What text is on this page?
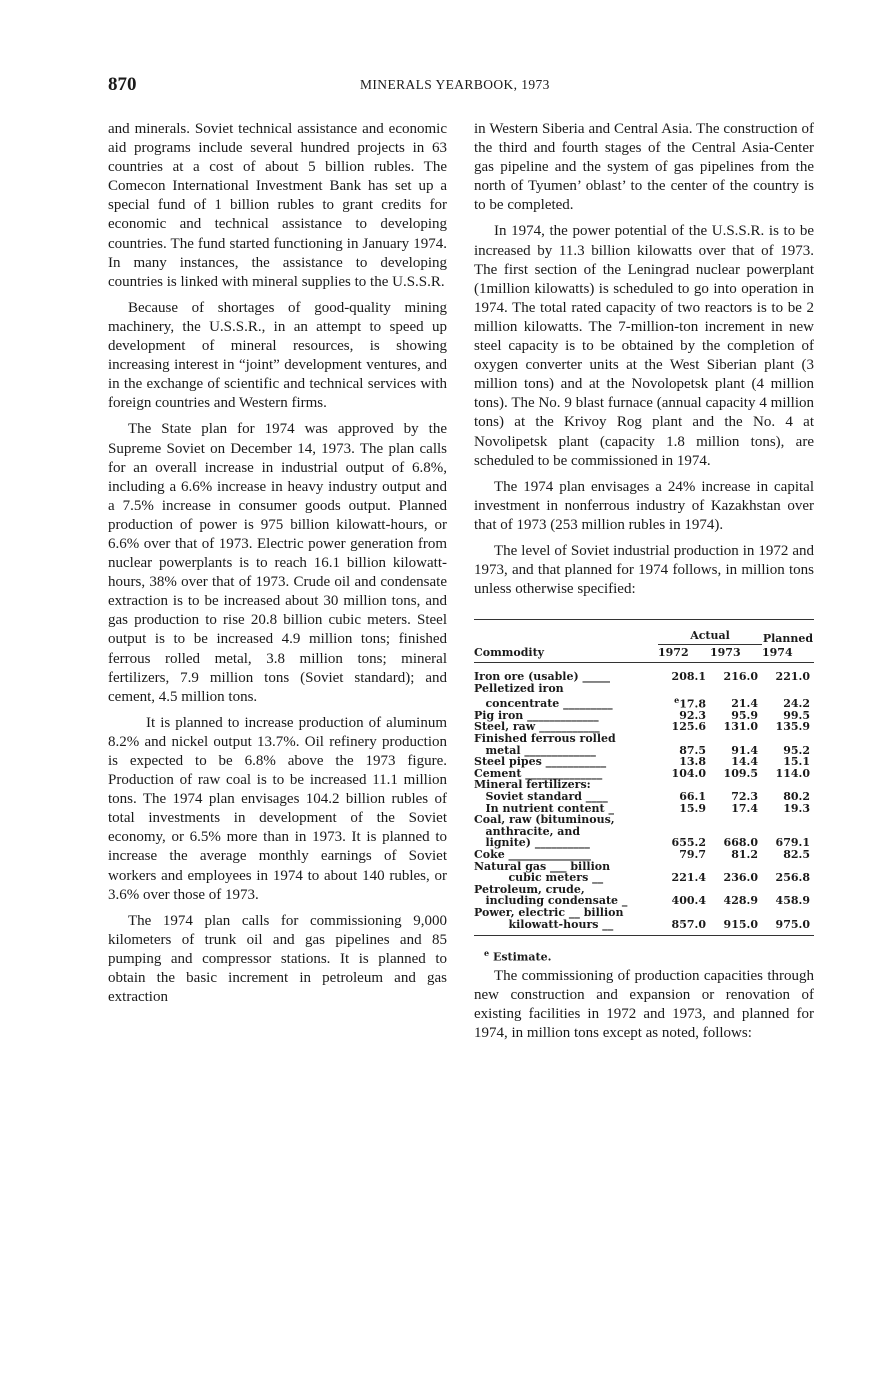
870	MINERALS YEARBOOK, 1973

and minerals. Soviet technical assistance and economic aid programs include several hundred projects in 63 countries at a cost of about 5 billion rubles. The Comecon International Investment Bank has set up a special fund of 1 billion rubles to grant credits for economic and technical assistance to developing countries. The fund started functioning in January 1974. In many instances, the assistance to developing countries is linked with mineral supplies to the U.S.S.R.

Because of shortages of good-quality mining machinery, the U.S.S.R., in an attempt to speed up development of mineral resources, is showing increasing interest in “joint” development ventures, and in the exchange of scientific and technical services with foreign countries and Western firms.

The State plan for 1974 was approved by the Supreme Soviet on December 14, 1973. The plan calls for an overall increase in industrial output of 6.8%, including a 6.6% increase in heavy industry output and a 7.5% increase in consumer goods output. Planned production of power is 975 billion kilowatt-hours, or 6.6% over that of 1973. Electric power generation from nuclear powerplants is to reach 16.1 billion kilowatt-hours, 38% over that of 1973. Crude oil and condensate extraction is to be increased about 30 million tons, and gas production to rise 20.8 billion cubic meters. Steel output is to be increased 4.9 million tons; finished ferrous rolled metal, 3.8 million tons; mineral fertilizers, 7.9 million tons (Soviet standard); and cement, 4.5 million tons.

It is planned to increase production of aluminum 8.2% and nickel output 13.7%. Oil refinery production is expected to be 6.8% above the 1973 figure. Production of raw coal is to be increased 11.1 million tons. The 1974 plan envisages 104.2 billion rubles of total investments in development of the Soviet economy, or 6.5% more than in 1973. It is planned to increase the average monthly earnings of Soviet workers and employees in 1974 to about 140 rubles, or 3.6% over those of 1973.

The 1974 plan calls for commissioning 9,000 kilometers of trunk oil and gas pipelines and 85 pumping and compressor stations. It is planned to obtain the basic increment in petroleum and gas extraction

in Western Siberia and Central Asia. The construction of the third and fourth stages of the Central Asia-Center gas pipeline and the system of gas pipelines from the north of Tyumen’ oblast’ to the center of the country is to be completed.

In 1974, the power potential of the U.S.S.R. is to be increased by 11.3 billion kilowatts over that of 1973. The first section of the Leningrad nuclear powerplant (1million kilowatts) is scheduled to go into operation in 1974. The total rated capacity of two reactors is to be 2 million kilowatts. The 7-million-ton increment in new steel capacity is to be obtained by the completion of oxygen converter units at the West Siberian plant (3 million tons) and at the Novolopetsk plant (4 million tons). The No. 9 blast furnace (annual capacity 4 million tons) at the Krivoy Rog plant and the No. 4 at Novolipetsk plant (capacity 1.8 million tons), are scheduled to be commissioned in 1974.

The 1974 plan envisages a 24% increase in capital investment in nonferrous industry of Kazakhstan over that of 1973 (253 million rubles in 1974).

The level of Soviet industrial production in 1972 and 1973, and that planned for 1974 follows, in million tons unless otherwise specified:

	Actual		Planned
Commodity	1972	1973	1974

Iron ore (usable) _____	208.1	216.0	221.0
Pelletized iron			
concentrate _________	$^e$17.8	21.4	24.2
Pig iron _____________	92.3	95.9	99.5
Steel, raw ___________	125.6	131.0	135.9
Finished ferrous rolled			
metal _____________	87.5	91.4	95.2
Steel pipes ___________	13.8	14.4	15.1
Cement ______________	104.0	109.5	114.0
Mineral fertilizers:			
Soviet standard ____	66.1	72.3	80.2
In nutrient content _	15.9	17.4	19.3
Coal, raw (bituminous,			
anthracite, and			
lignite) __________	655.2	668.0	679.1
Coke _______________	79.7	81.2	82.5
Natural gas ___ billion			
cubic meters __	221.4	236.0	256.8
Petroleum, crude,			
including condensate _	400.4	428.9	458.9
Power, electric __ billion			
kilowatt-hours __	857.0	915.0	975.0

$^e$ Estimate.

The commissioning of production capacities through new construction and expansion or renovation of existing facilities in 1972 and 1973, and planned for 1974, in million tons except as noted, follows:
